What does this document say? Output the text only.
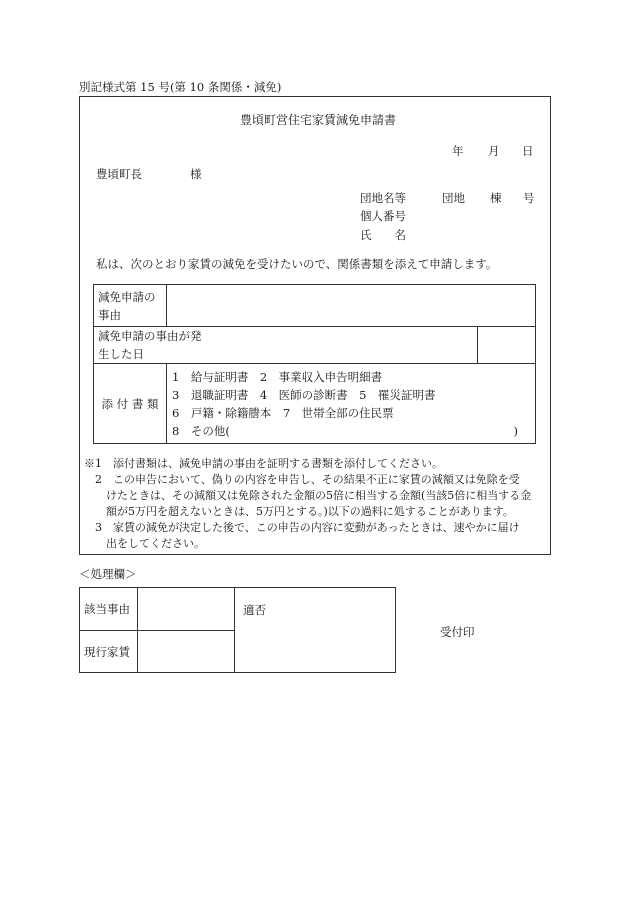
別記様式第 15 号(第 10 条関係・減免)
豊頃町営住宅家賃減免申請書
年 月 日
豊頃町長	様
団地名等	団地 棟 号
個人番号
氏　　名
私は、次のとおり家賃の減免を受けたいので、関係書類を添えて申請します。
減免申請の
事由		

減免申請の事由が発
生した日		

添 付 書 類	1　給与証明書　2　事業収入申告明細書
3　退職証明書　4　医師の診断書　5　罹災証明書
6　戸籍・除籍謄本　7　世帯全部の住民票
8　その他( )	
※1　添付書類は、減免申請の事由を証明する書類を添付してください。
　2　この申告において、偽りの内容を申告し、その結果不正に家賃の減額又は免除を受
　　けたときは、その減額又は免除された金額の5倍に相当する金額(当該5倍に相当する金
　　額が5万円を超えないときは、5万円とする。)以下の過料に処することがあります。
　3　家賃の減免が決定した後で、この申告の内容に変動があったときは、速やかに届け
　　出をしてください。
＜処理欄＞
該当事由		適否
現行家賃		
受付印
